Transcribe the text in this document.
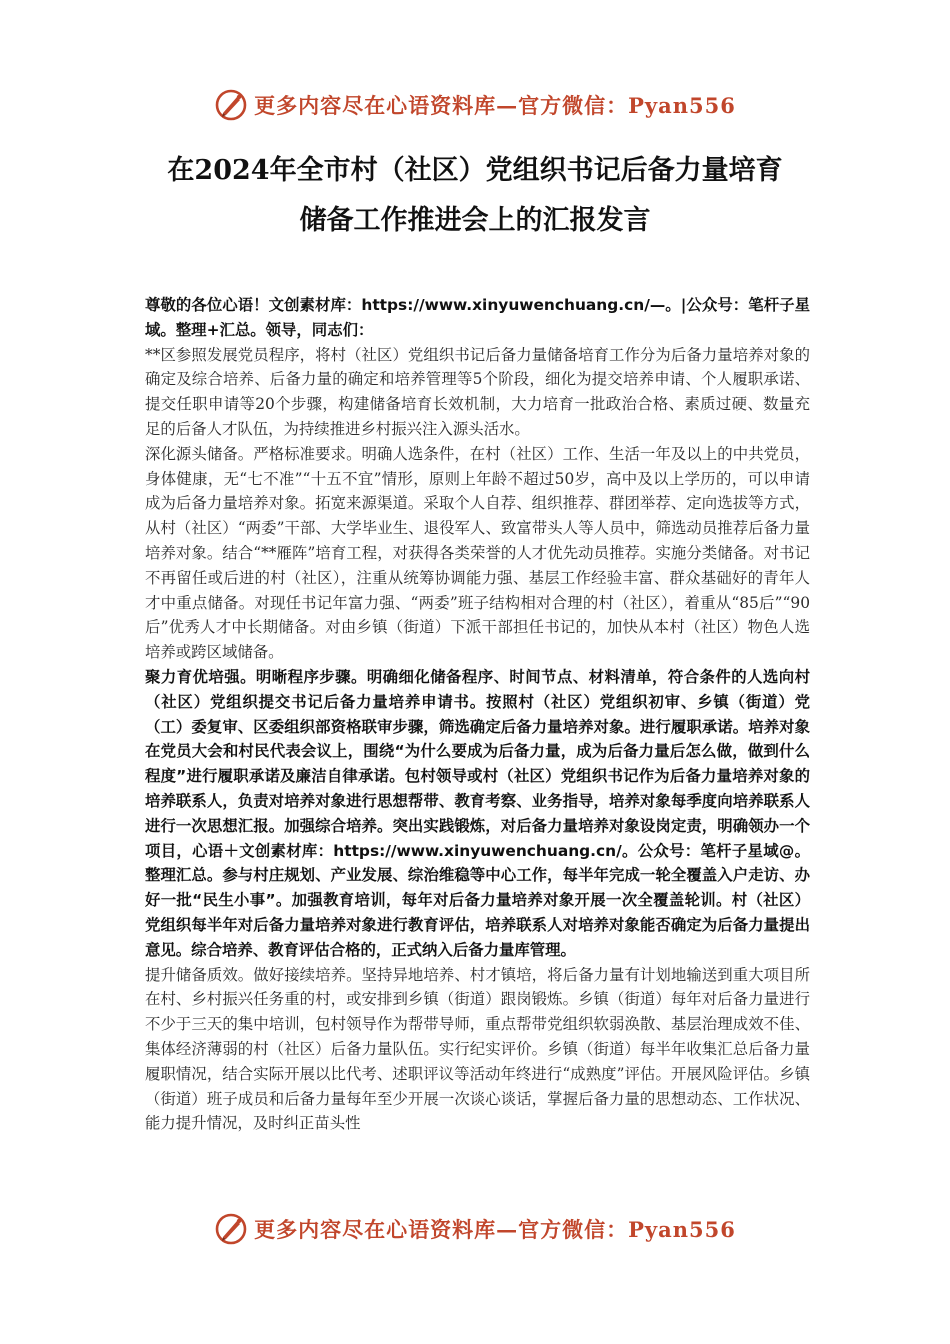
更多内容尽在心语资料库—官方微信：Pyan556
在2024年全市村（社区）党组织书记后备力量培育
储备工作推进会上的汇报发言

尊敬的各位心语！文创素材库：https://www.xinyuwenchuang.cn/—。|公众号：笔杆子星域。整理+汇总。领导，同志们：

**区参照发展党员程序，将村（社区）党组织书记后备力量储备培育工作分为后备力量培养对象的确定及综合培养、后备力量的确定和培养管理等5个阶段，细化为提交培养申请、个人履职承诺、提交任职申请等20个步骤，构建储备培育长效机制，大力培育一批政治合格、素质过硬、数量充足的后备人才队伍，为持续推进乡村振兴注入源头活水。

深化源头储备。严格标准要求。明确人选条件，在村（社区）工作、生活一年及以上的中共党员，身体健康，无“七不准”“十五不宜”情形，原则上年龄不超过50岁，高中及以上学历的，可以申请成为后备力量培养对象。拓宽来源渠道。采取个人自荐、组织推荐、群团举荐、定向选拔等方式，从村（社区）“两委”干部、大学毕业生、退役军人、致富带头人等人员中，筛选动员推荐后备力量培养对象。结合“**雁阵”培育工程，对获得各类荣誉的人才优先动员推荐。实施分类储备。对书记不再留任或后进的村（社区），注重从统筹协调能力强、基层工作经验丰富、群众基础好的青年人才中重点储备。对现任书记年富力强、“两委”班子结构相对合理的村（社区），着重从“85后”“90后”优秀人才中长期储备。对由乡镇（街道）下派干部担任书记的，加快从本村（社区）物色人选培养或跨区域储备。

聚力育优培强。明晰程序步骤。明确细化储备程序、时间节点、材料清单，符合条件的人选向村（社区）党组织提交书记后备力量培养申请书。按照村（社区）党组织初审、乡镇（街道）党（工）委复审、区委组织部资格联审步骤，筛选确定后备力量培养对象。进行履职承诺。培养对象在党员大会和村民代表会议上，围绕“为什么要成为后备力量，成为后备力量后怎么做，做到什么程度”进行履职承诺及廉洁自律承诺。包村领导或村（社区）党组织书记作为后备力量培养对象的培养联系人，负责对培养对象进行思想帮带、教育考察、业务指导，培养对象每季度向培养联系人进行一次思想汇报。加强综合培养。突出实践锻炼，对后备力量培养对象设岗定责，明确领办一个项目，心语＋文创素材库：https://www.xinyuwenchuang.cn/。公众号：笔杆子星域@。整理汇总。参与村庄规划、产业发展、综治维稳等中心工作，每半年完成一轮全覆盖入户走访、办好一批“民生小事”。加强教育培训，每年对后备力量培养对象开展一次全覆盖轮训。村（社区）党组织每半年对后备力量培养对象进行教育评估，培养联系人对培养对象能否确定为后备力量提出意见。综合培养、教育评估合格的，正式纳入后备力量库管理。

提升储备质效。做好接续培养。坚持异地培养、村才镇培，将后备力量有计划地输送到重大项目所在村、乡村振兴任务重的村，或安排到乡镇（街道）跟岗锻炼。乡镇（街道）每年对后备力量进行不少于三天的集中培训，包村领导作为帮带导师，重点帮带党组织软弱涣散、基层治理成效不佳、集体经济薄弱的村（社区）后备力量队伍。实行纪实评价。乡镇（街道）每半年收集汇总后备力量履职情况，结合实际开展以比代考、述职评议等活动年终进行“成熟度”评估。开展风险评估。乡镇（街道）班子成员和后备力量每年至少开展一次谈心谈话，掌握后备力量的思想动态、工作状况、能力提升情况，及时纠正苗头性

更多内容尽在心语资料库—官方微信：Pyan556
